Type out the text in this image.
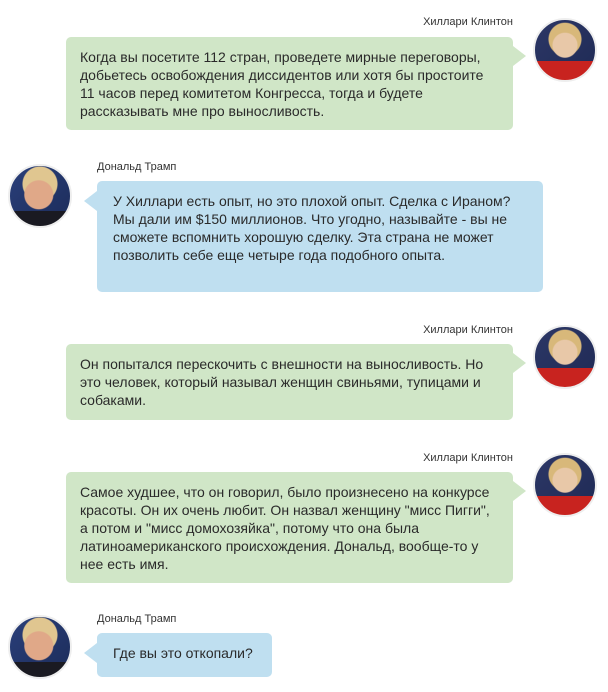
Хиллари Клинтон
Когда вы посетите 112 стран, проведете мирные переговоры, добьетесь освобождения диссидентов или хотя бы простоите 11 часов перед комитетом Конгресса, тогда и будете рассказывать мне про выносливость.
Дональд Трамп
У Хиллари есть опыт, но это плохой опыт. Сделка с Ираном? Мы дали им $150 миллионов. Что угодно, называйте - вы не сможете вспомнить хорошую сделку. Эта страна не может позволить себе еще четыре года подобного опыта.
Хиллари Клинтон
Он попытался перескочить с внешности на выносливость. Но это человек, который называл женщин свиньями, тупицами и собаками.
Хиллари Клинтон
Самое худшее, что он говорил, было произнесено на конкурсе красоты. Он их очень любит. Он назвал женщину "мисс Пигги", а потом и "мисс домохозяйка", потому что она была латиноамериканского происхождения. Дональд, вообще-то у нее есть имя.
Дональд Трамп
Где вы это откопали?
